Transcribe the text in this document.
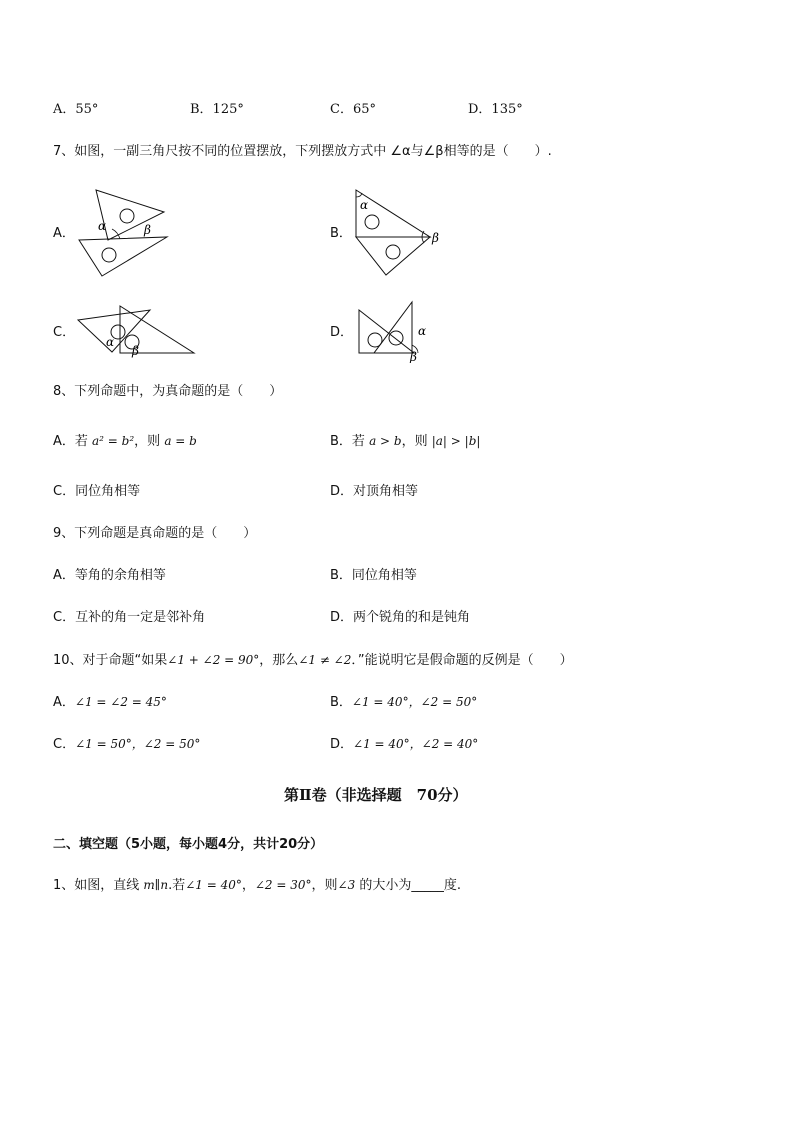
A．55°	B．125°	C．65°	D．135°
7、如图，一副三角尺按不同的位置摆放，下列摆放方式中 ∠α与∠β相等的是（　　）.
A． α	β	B．
α
β
C．
α
β
D．	α
β
8、下列命题中，为真命题的是（　　）
A．若 a² = b²，则 a = b	B．若 a > b，则 |a| > |b|
C．同位角相等	D．对顶角相等
9、下列命题是真命题的是（　　）
A．等角的余角相等	B．同位角相等
C．互补的角一定是邻补角	D．两个锐角的和是钝角
10、对于命题“如果∠1 + ∠2 = 90°，那么∠1 ≠ ∠2．”能说明它是假命题的反例是（　　）
A．∠1 = ∠2 = 45°	B．∠1 = 40°，∠2 = 50°
C．∠1 = 50°，∠2 = 50°	D．∠1 = 40°，∠2 = 40°
第Ⅱ卷（非选择题　70分）
二、填空题（5小题，每小题4分，共计20分）
1、如图，直线 m∥n.若∠1 = 40°，∠2 = 30°，则∠3 的大小为_____度.
